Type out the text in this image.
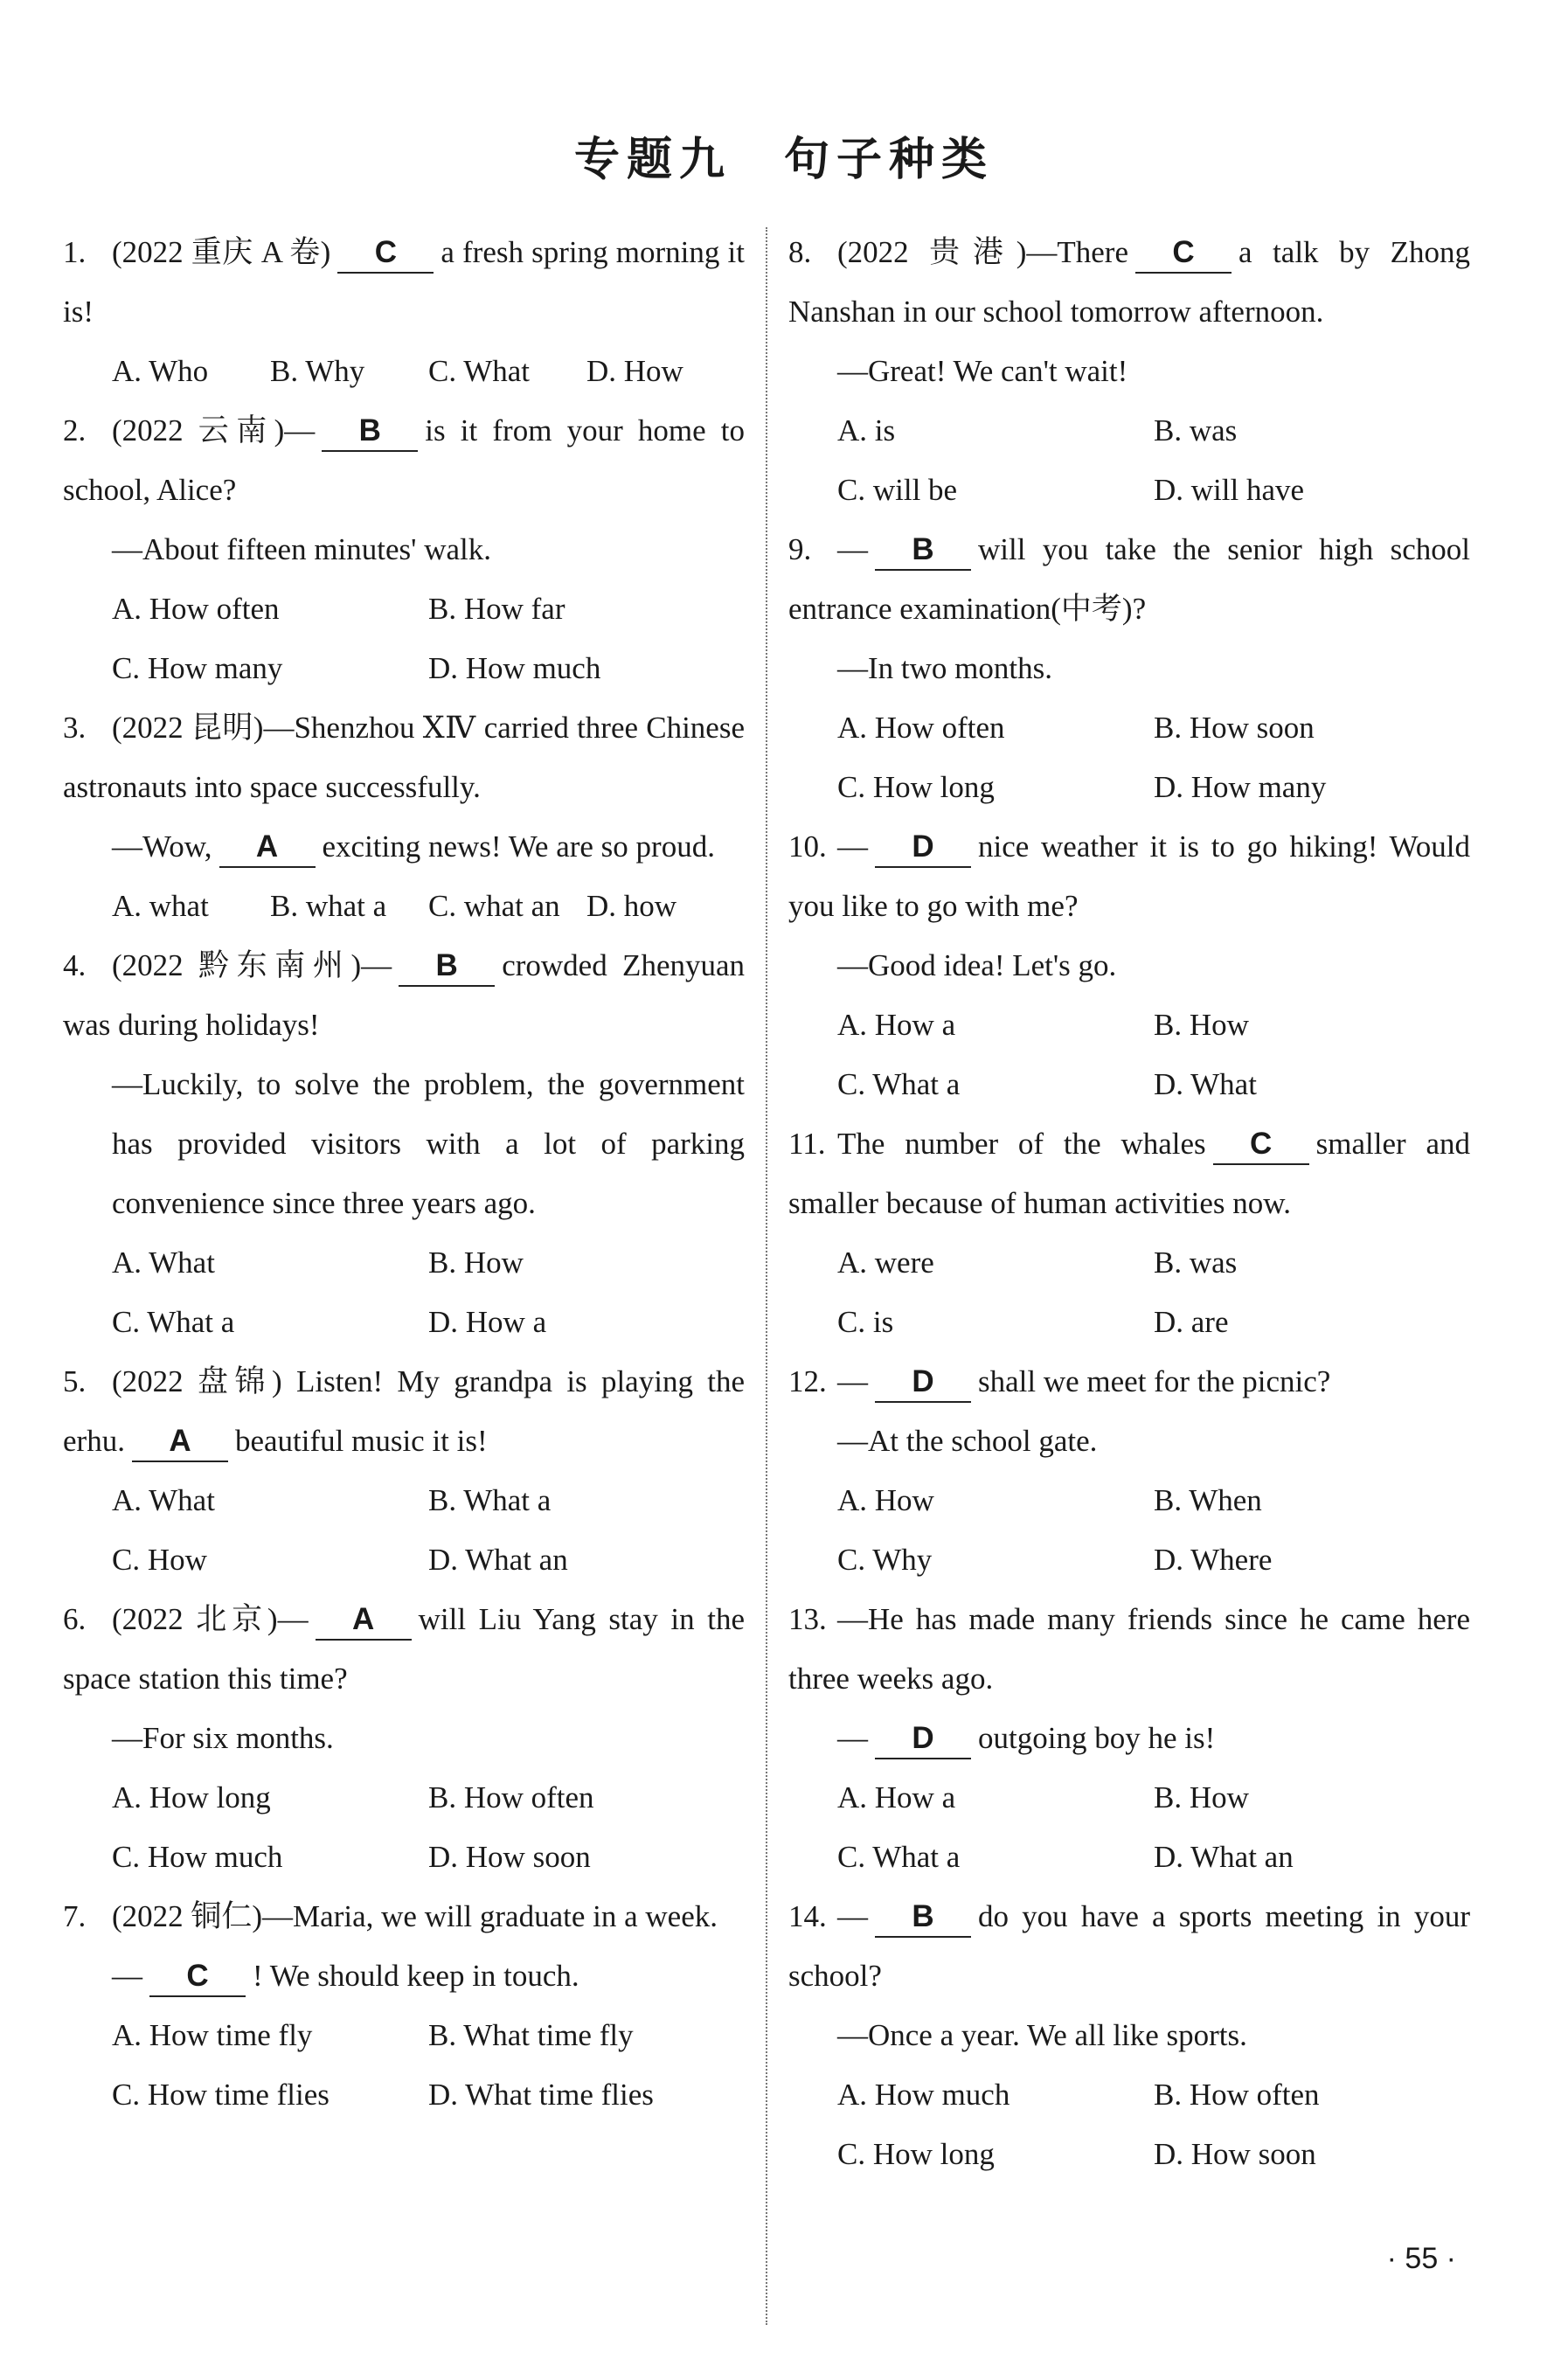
专题九　句子种类

1. (2022 重庆 A 卷) C a fresh spring morning it is!

A. Who	B. Why	C. What	D. How

2. (2022 云南)— B is it from your home to school, Alice?

—About fifteen minutes' walk.

A. How often	B. How far
C. How many	D. How much

3. (2022 昆明)—Shenzhou ⅩⅣ carried three Chinese astronauts into space successfully.

—Wow, A exciting news! We are so proud.

A. what	B. what a	C. what an D. how

4. (2022 黔东南州)— B crowded Zhenyuan was during holidays!

—Luckily, to solve the problem, the government has provided visitors with a lot of parking convenience since three years ago.

A. What	B. How
C. What a	D. How a

5. (2022 盘锦) Listen! My grandpa is playing the erhu. A beautiful music it is!

A. What	B. What a
C. How	D. What an

6. (2022 北京)— A will Liu Yang stay in the space station this time?

—For six months.

A. How long	B. How often
C. How much	D. How soon

7. (2022 铜仁)—Maria, we will graduate in a week.

— C ! We should keep in touch.

A. How time fly	B. What time fly
C. How time flies	D. What time flies

8. (2022 贵港)—There C a talk by Zhong Nanshan in our school tomorrow afternoon.

—Great! We can't wait!

A. is	B. was
C. will be	D. will have

9. — B will you take the senior high school entrance examination(中考)?

—In two months.

A. How often	B. How soon
C. How long	D. How many

10. — D nice weather it is to go hiking! Would you like to go with me?

—Good idea! Let's go.

A. How a	B. How
C. What a	D. What

11. The number of the whales C smaller and smaller because of human activities now.

A. were	B. was
C. is	D. are

12. — D shall we meet for the picnic?

—At the school gate.

A. How	B. When
C. Why	D. Where

13. —He has made many friends since he came here three weeks ago.

— D outgoing boy he is!

A. How a	B. How
C. What a	D. What an

14. — B do you have a sports meeting in your school?

—Once a year. We all like sports.

A. How much	B. How often
C. How long	D. How soon
· 55 ·
